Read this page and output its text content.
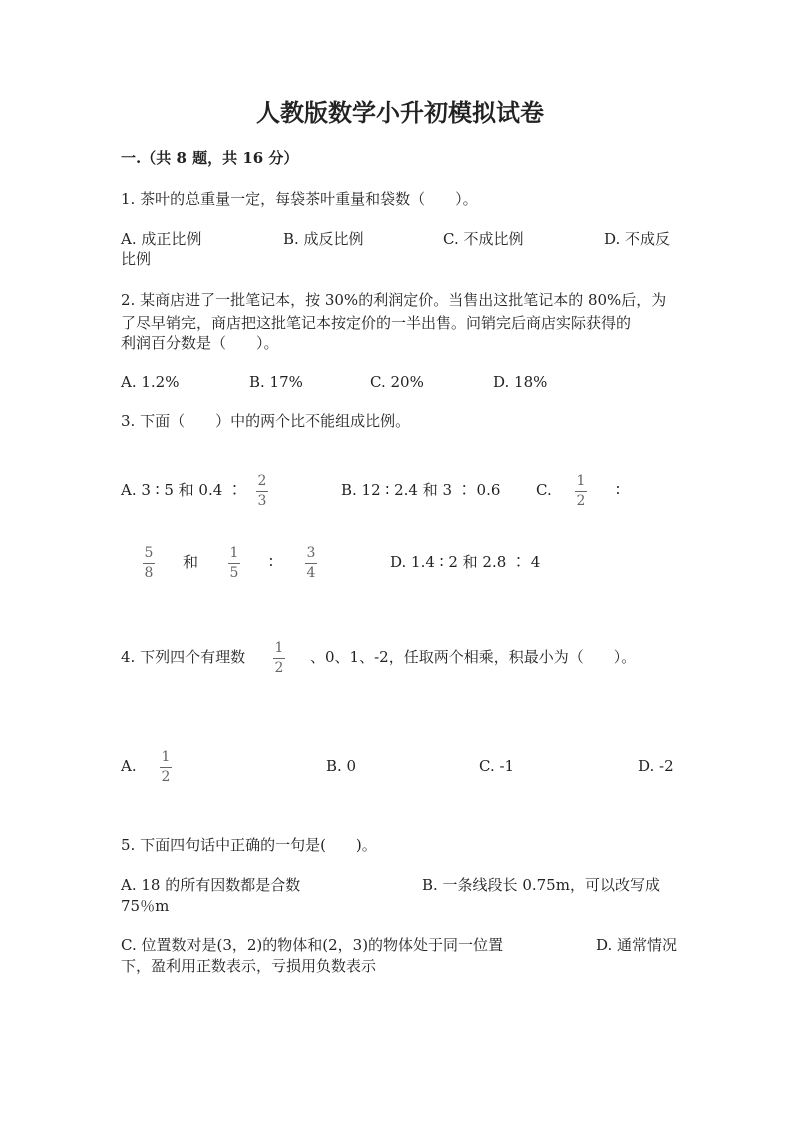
人教版数学小升初模拟试卷
一.（共 8 题，共 16 分）
1. 茶叶的总重量一定，每袋茶叶重量和袋数（　　）。
A. 成正比例	B. 成反比例	C. 不成比例	D. 不成反
比例
2. 某商店进了一批笔记本，按 30%的利润定价。当售出这批笔记本的 80%后，为
了尽早销完，商店把这批笔记本按定价的一半出售。问销完后商店实际获得的
利润百分数是（　　）。
A. 1.2%	B. 17%	C. 20%	D. 18%
3. 下面（　　）中的两个比不能组成比例。
A. 3 ∶ 5 和 0.4 ∶ 2
3
B. 12 ∶ 2.4 和 3 ∶ 0.6 C. 1
2
∶
5
8
和 1
5
∶ 3
4
D. 1.4 ∶ 2 和 2.8 ∶ 4
4. 下列四个有理数 1
2
、0、1、-2，任取两个相乘，积最小为（　　）。
A. 1
2
B. 0	C. -1	D. -2
5. 下面四句话中正确的一句是(　　)。
A. 18 的所有因数都是合数	B. 一条线段长 0.75m，可以改写成
75％m
C. 位置数对是(3，2)的物体和(2，3)的物体处于同一位置	D. 通常情况
下，盈利用正数表示，亏损用负数表示
